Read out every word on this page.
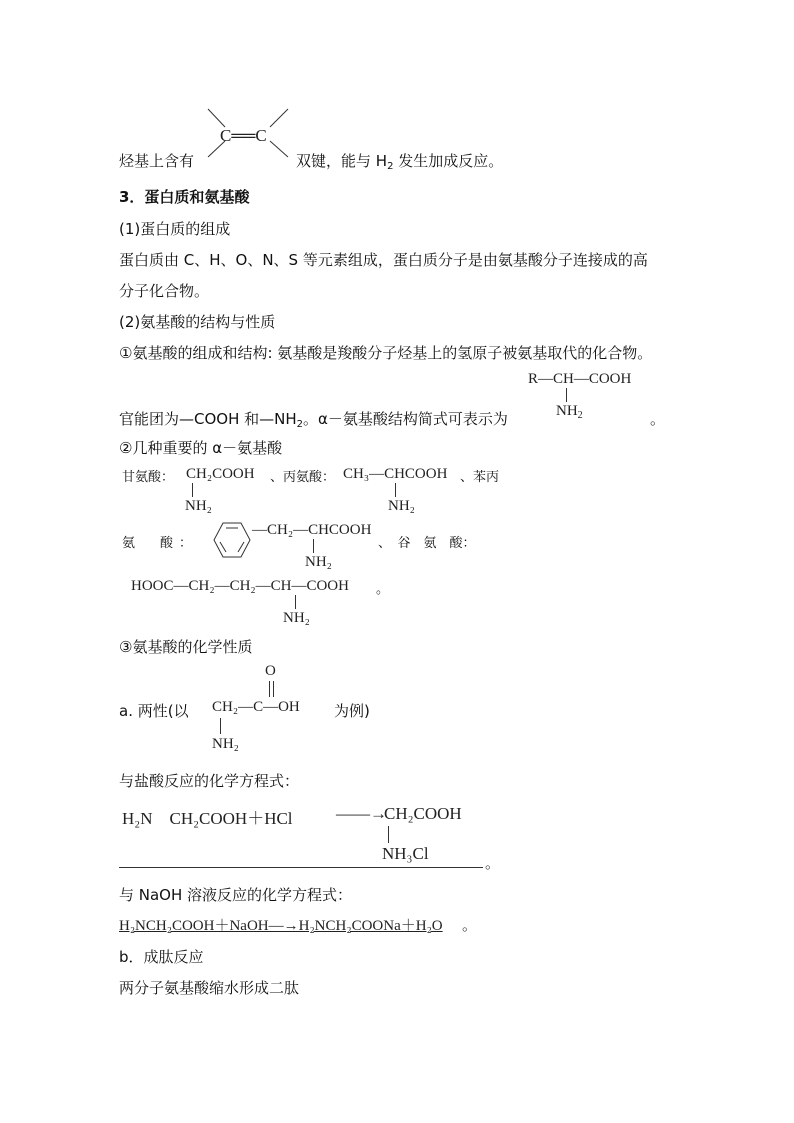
C══C
烃基上含有	双键，能与 $H_2$ 发生加成反应。
3．蛋白质和氨基酸
(1)蛋白质的组成
蛋白质由 C、H、O、N、S 等元素组成，蛋白质分子是由氨基酸分子连接成的高
分子化合物。
(2)氨基酸的结构与性质
①氨基酸的组成和结构: 氨基酸是羧酸分子烃基上的氢原子被氨基取代的化合物。
R—CH—COOH
$NH_2$
官能团为—COOH 和$—NH_2$。α－氨基酸结构简式可表示为	。
②几种重要的 α－氨基酸
甘氨酸： CH₂COOH
NH₂
、丙氨酸： CH₃—CHCOOH
NH₂
、苯丙
氨　酸：
—CH₂—CHCOOH
NH₂
、　谷　氨　酸：
HOOC—CH₂—CH₂—CH—COOH
NH₂
。
③氨基酸的化学性质
O
a. 两性(以 CH₂—C—OH 为例)
NH₂
与盐酸反应的化学方程式：
H₂N　CH₂COOH＋HCl	——→
CH₂COOH
NH₃Cl	。
与 NaOH 溶液反应的化学方程式：
H₂NCH₂COOH＋NaOH—→H₂NCH₂COONa＋H₂O 。
b．成肽反应
两分子氨基酸缩水形成二肽
